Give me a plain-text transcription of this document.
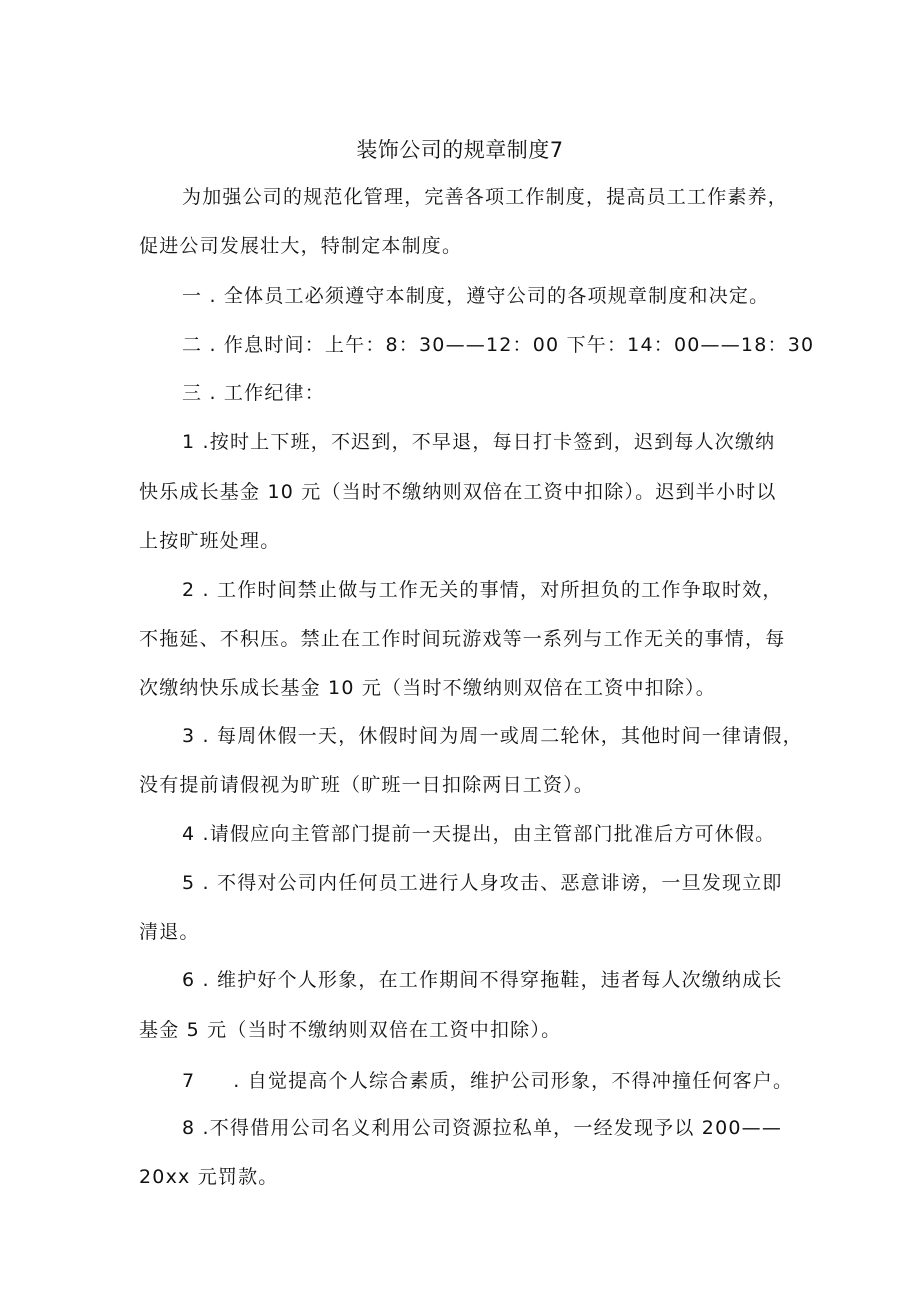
装饰公司的规章制度7
为加强公司的规范化管理，完善各项工作制度，提高员工工作素养，
促进公司发展壮大，特制定本制度。
一 . 全体员工必须遵守本制度，遵守公司的各项规章制度和决定。
二 . 作息时间：上午：8：30——12：00 下午：14：00——18：30
三 . 工作纪律：
1 .按时上下班，不迟到，不早退，每日打卡签到，迟到每人次缴纳
快乐成长基金 10 元（当时不缴纳则双倍在工资中扣除）。迟到半小时以
上按旷班处理。
2 . 工作时间禁止做与工作无关的事情，对所担负的工作争取时效，
不拖延、不积压。禁止在工作时间玩游戏等一系列与工作无关的事情，每
次缴纳快乐成长基金 10 元（当时不缴纳则双倍在工资中扣除）。
3 . 每周休假一天，休假时间为周一或周二轮休，其他时间一律请假，
没有提前请假视为旷班（旷班一日扣除两日工资）。
4 .请假应向主管部门提前一天提出，由主管部门批准后方可休假。
5 . 不得对公司内任何员工进行人身攻击、恶意诽谤，一旦发现立即
清退。
6 . 维护好个人形象，在工作期间不得穿拖鞋，违者每人次缴纳成长
基金 5 元（当时不缴纳则双倍在工资中扣除）。
7 . 自觉提高个人综合素质，维护公司形象，不得冲撞任何客户。
8 .不得借用公司名义利用公司资源拉私单，一经发现予以 200——
20xx 元罚款。
